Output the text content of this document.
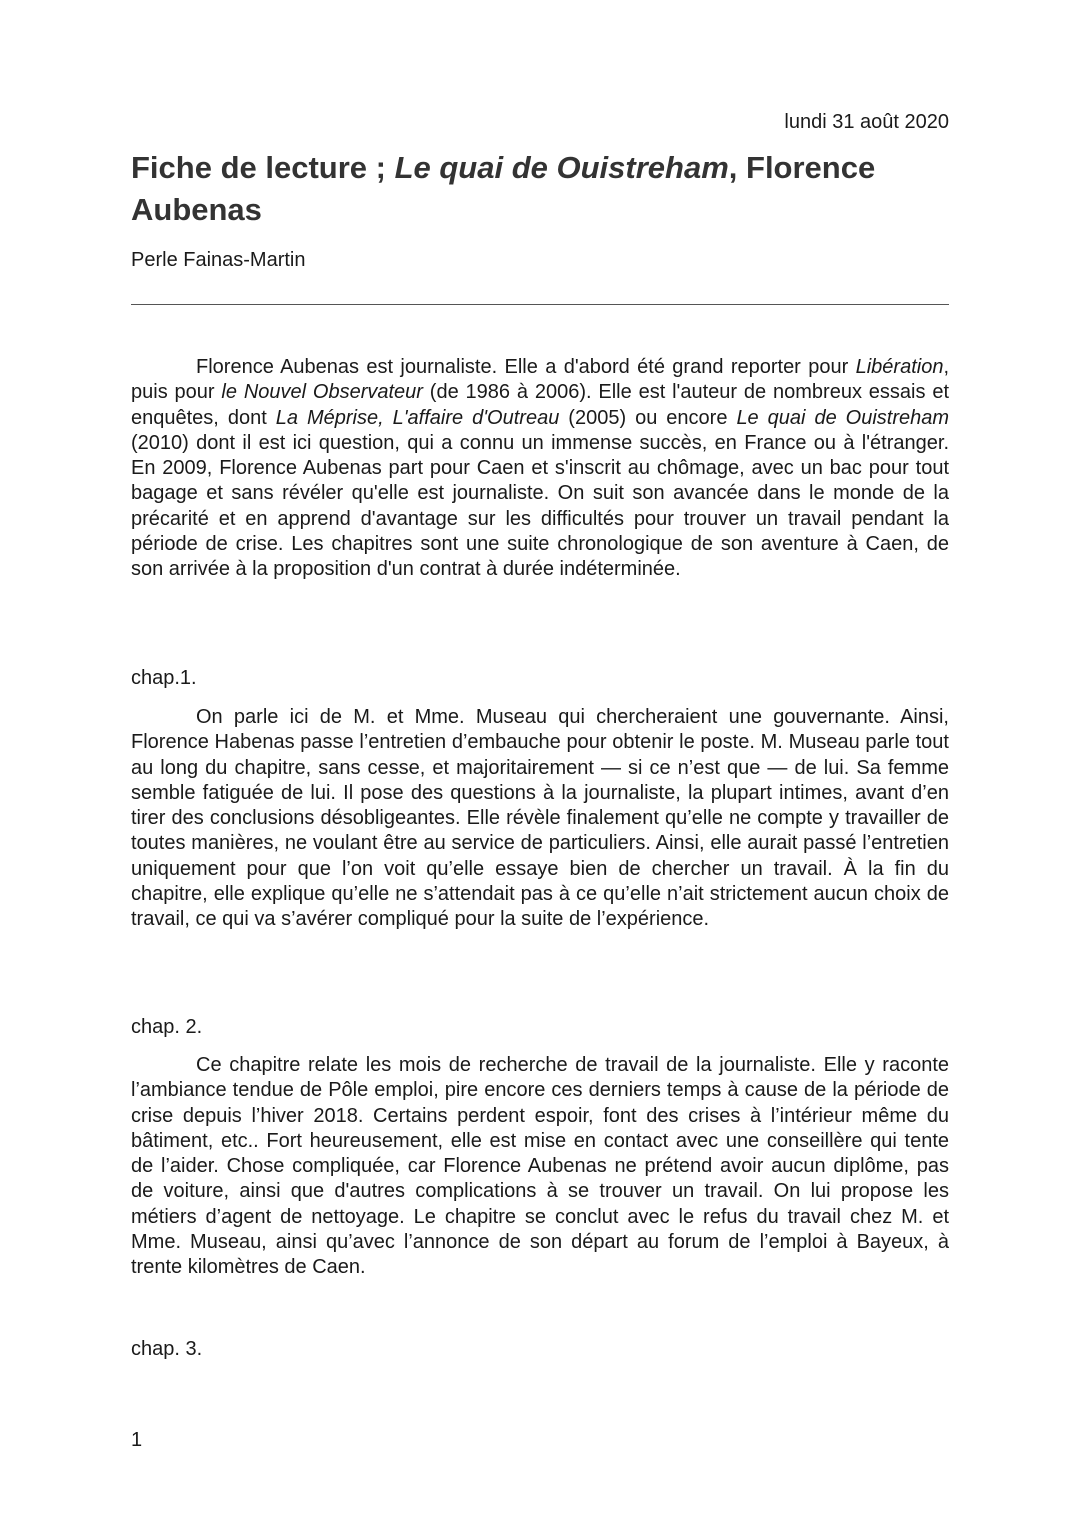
lundi 31 août 2020
Fiche de lecture ; Le quai de Ouistreham, Florence Aubenas
Perle Fainas-Martin

Florence Aubenas est journaliste. Elle a d'abord été grand reporter pour Libération, puis pour le Nouvel Observateur (de 1986 à 2006). Elle est l'auteur de nombreux essais et enquêtes, dont La Méprise, L'affaire d'Outreau (2005) ou encore Le quai de Ouistreham (2010) dont il est ici question, qui a connu un immense succès, en France ou à l'étranger. En 2009, Florence Aubenas part pour Caen et s'inscrit au chômage, avec un bac pour tout bagage et sans révéler qu'elle est journaliste. On suit son avancée dans le monde de la précarité et en apprend d'avantage sur les difficultés pour trouver un travail pendant la période de crise. Les chapitres sont une suite chronologique de son aventure à Caen, de son arrivée à la proposition d'un contrat à durée indéterminée.

chap.1.

On parle ici de M. et Mme. Museau qui chercheraient une gouvernante. Ainsi, Florence Habenas passe l’entretien d’embauche pour obtenir le poste. M. Museau parle tout au long du chapitre, sans cesse, et majoritairement — si ce n’est que — de lui. Sa femme semble fatiguée de lui. Il pose des questions à la journaliste, la plupart intimes, avant d’en tirer des conclusions désobligeantes. Elle révèle finalement qu’elle ne compte y travailler de toutes manières, ne voulant être au service de particuliers. Ainsi, elle aurait passé l’entretien uniquement pour que l’on voit qu’elle essaye bien de chercher un travail. À la fin du chapitre, elle explique qu’elle ne s’attendait pas à ce qu’elle n’ait strictement aucun choix de travail, ce qui va s’avérer compliqué pour la suite de l’expérience.

chap. 2.

Ce chapitre relate les mois de recherche de travail de la journaliste. Elle y raconte l’ambiance tendue de Pôle emploi, pire encore ces derniers temps à cause de la période de crise depuis l’hiver 2018. Certains perdent espoir, font des crises à l’intérieur même du bâtiment, etc.. Fort heureusement, elle est mise en contact avec une conseillère qui tente de l’aider. Chose compliquée, car Florence Aubenas ne prétend avoir aucun diplôme, pas de voiture, ainsi que d'autres complications à se trouver un travail. On lui propose les métiers d’agent de nettoyage. Le chapitre se conclut avec le refus du travail chez M. et Mme. Museau, ainsi qu’avec l’annonce de son départ au forum de l’emploi à Bayeux, à trente kilomètres de Caen.

chap. 3.
1
